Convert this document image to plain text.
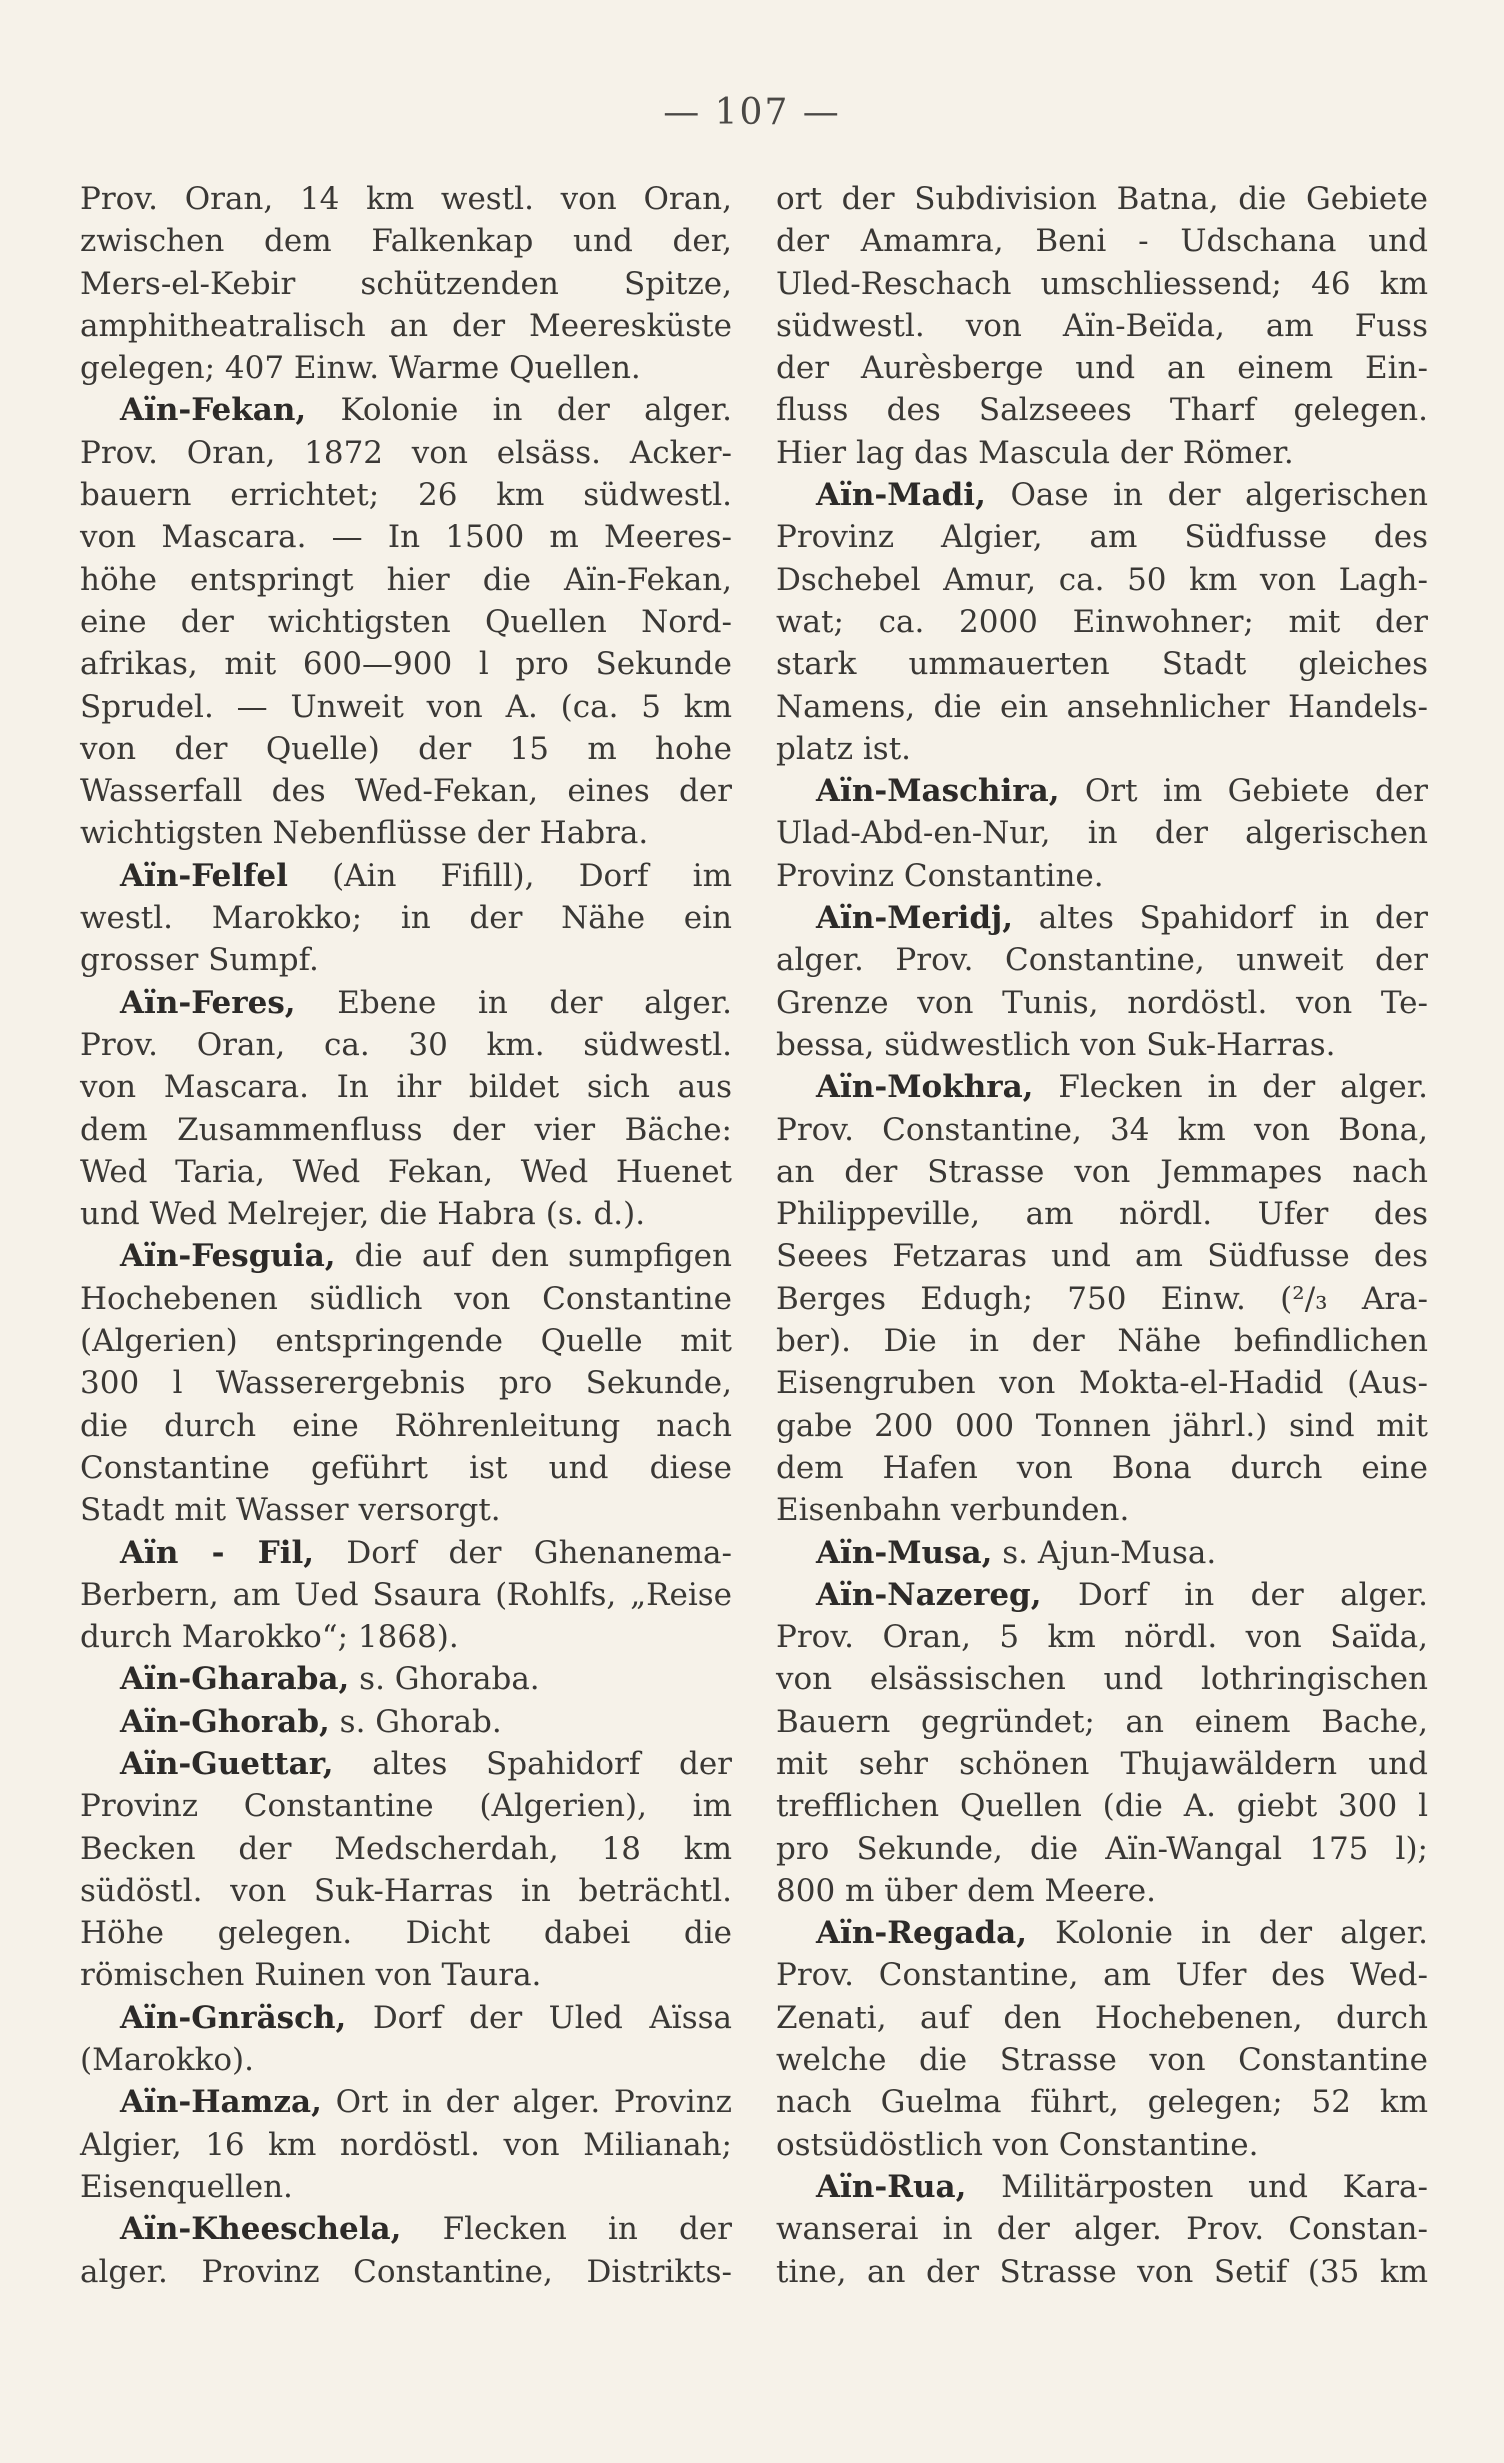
— 107 —
Prov. Oran, 14 km westl. von Oran,
zwischen dem Falkenkap und der,
Mers-el-Kebir schützenden Spitze,
amphitheatralisch an der Meeresküste
gelegen; 407 Einw. Warme Quellen.
Aïn-Fekan, Kolonie in der alger.
Prov. Oran, 1872 von elsäss. Acker-
bauern errichtet; 26 km südwestl.
von Mascara. — In 1500 m Meeres-
höhe entspringt hier die Aïn-Fekan,
eine der wichtigsten Quellen Nord-
afrikas, mit 600—900 l pro Sekunde
Sprudel. — Unweit von A. (ca. 5 km
von der Quelle) der 15 m hohe
Wasserfall des Wed-Fekan, eines der
wichtigsten Nebenflüsse der Habra.
Aïn-Felfel (Ain Fifill), Dorf im
westl. Marokko; in der Nähe ein
grosser Sumpf.
Aïn-Feres, Ebene in der alger.
Prov. Oran, ca. 30 km. südwestl.
von Mascara. In ihr bildet sich aus
dem Zusammenfluss der vier Bäche:
Wed Taria, Wed Fekan, Wed Huenet
und Wed Melrejer, die Habra (s. d.).
Aïn-Fesguia, die auf den sumpfigen
Hochebenen südlich von Constantine
(Algerien) entspringende Quelle mit
300 l Wasserergebnis pro Sekunde,
die durch eine Röhrenleitung nach
Constantine geführt ist und diese
Stadt mit Wasser versorgt.
Aïn - Fil, Dorf der Ghenanema-
Berbern, am Ued Ssaura (Rohlfs, „Reise
durch Marokko“; 1868).
Aïn-Gharaba, s. Ghoraba.
Aïn-Ghorab, s. Ghorab.
Aïn-Guettar, altes Spahidorf der
Provinz Constantine (Algerien), im
Becken der Medscherdah, 18 km
südöstl. von Suk-Harras in beträchtl.
Höhe gelegen. Dicht dabei die
römischen Ruinen von Taura.
Aïn-Gnräsch, Dorf der Uled Aïssa
(Marokko).
Aïn-Hamza, Ort in der alger. Provinz
Algier, 16 km nordöstl. von Milianah;
Eisenquellen.
Aïn-Kheeschela, Flecken in der
alger. Provinz Constantine, Distrikts-
ort der Subdivision Batna, die Gebiete
der Amamra, Beni - Udschana und
Uled-Reschach umschliessend; 46 km
südwestl. von Aïn-Beïda, am Fuss
der Aurèsberge und an einem Ein-
fluss des Salzseees Tharf gelegen.
Hier lag das Mascula der Römer.
Aïn-Madi, Oase in der algerischen
Provinz Algier, am Südfusse des
Dschebel Amur, ca. 50 km von Lagh-
wat; ca. 2000 Einwohner; mit der
stark ummauerten Stadt gleiches
Namens, die ein ansehnlicher Handels-
platz ist.
Aïn-Maschira, Ort im Gebiete der
Ulad-Abd-en-Nur, in der algerischen
Provinz Constantine.
Aïn-Meridj, altes Spahidorf in der
alger. Prov. Constantine, unweit der
Grenze von Tunis, nordöstl. von Te-
bessa, südwestlich von Suk-Harras.
Aïn-Mokhra, Flecken in der alger.
Prov. Constantine, 34 km von Bona,
an der Strasse von Jemmapes nach
Philippeville, am nördl. Ufer des
Seees Fetzaras und am Südfusse des
Berges Edugh; 750 Einw. (²/₃ Ara-
ber). Die in der Nähe befindlichen
Eisengruben von Mokta-el-Hadid (Aus-
gabe 200 000 Tonnen jährl.) sind mit
dem Hafen von Bona durch eine
Eisenbahn verbunden.
Aïn-Musa, s. Ajun-Musa.
Aïn-Nazereg, Dorf in der alger.
Prov. Oran, 5 km nördl. von Saïda,
von elsässischen und lothringischen
Bauern gegründet; an einem Bache,
mit sehr schönen Thujawäldern und
trefflichen Quellen (die A. giebt 300 l
pro Sekunde, die Aïn-Wangal 175 l);
800 m über dem Meere.
Aïn-Regada, Kolonie in der alger.
Prov. Constantine, am Ufer des Wed-
Zenati, auf den Hochebenen, durch
welche die Strasse von Constantine
nach Guelma führt, gelegen; 52 km
ostsüdöstlich von Constantine.
Aïn-Rua, Militärposten und Kara-
wanserai in der alger. Prov. Constan-
tine, an der Strasse von Setif (35 km
